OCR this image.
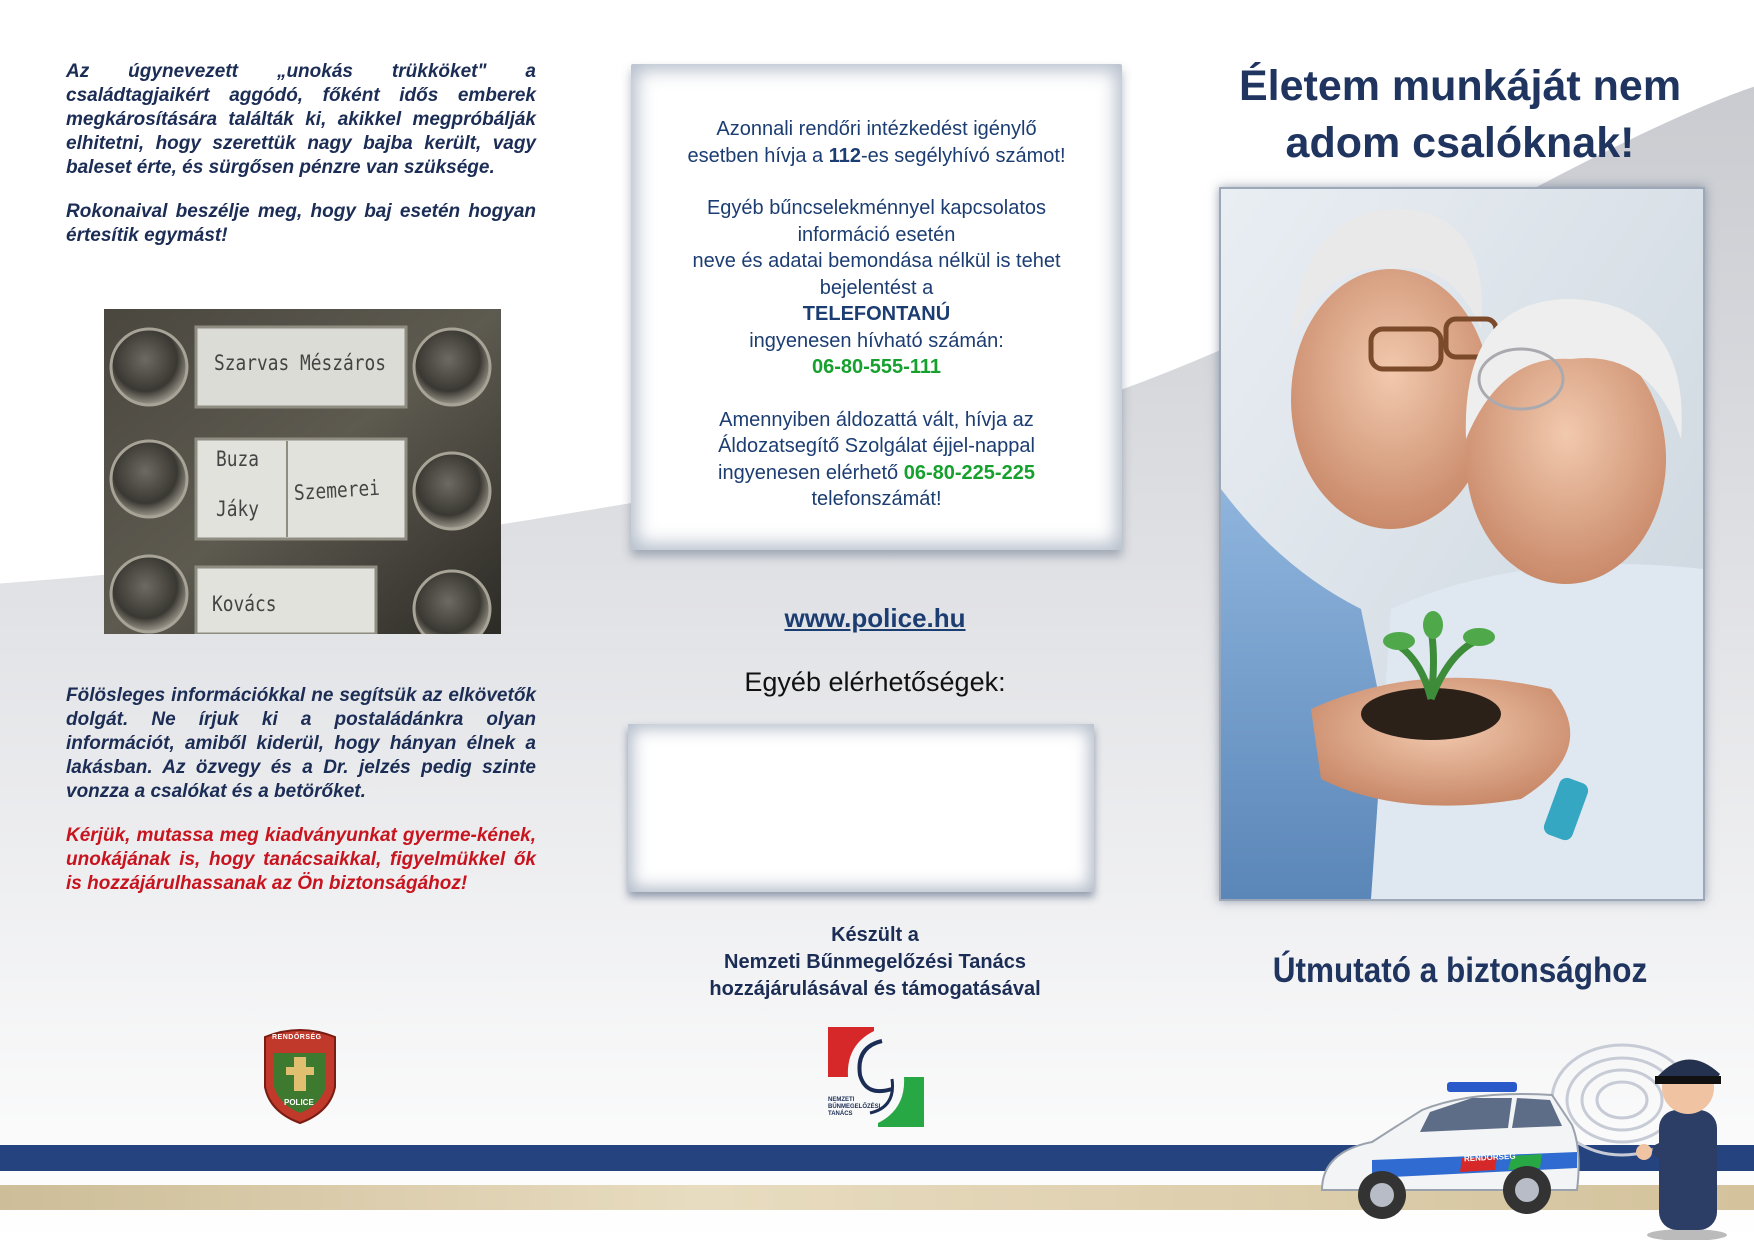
Az úgynevezett „unokás trükköket" a családtagjaikért aggódó, főként idős emberek megkárosítására találták ki, akikkel megpróbálják elhitetni, hogy szerettük nagy bajba került, vagy baleset érte, és sürgősen pénzre van szüksége.

Rokonaival beszélje meg, hogy baj esetén hogyan értesítik egymást!

Szarvas Mészáros
Buza
Jáky
Szemerei
Kovács

Fölösleges információkkal ne segítsük az elkövetők dolgát. Ne írjuk ki a postaládánkra olyan információt, amiből kiderül, hogy hányan élnek a lakásban. Az özvegy és a Dr. jelzés pedig szinte vonzza a csalókat és a betörőket.

Kérjük, mutassa meg kiadványunkat gyerme-kének, unokájának is, hogy tanácsaikkal, figyelmükkel ők is hozzájárulhassanak az Ön biztonságához!

RENDŐRSÉG
POLICE

Azonnali rendőri intézkedést igénylő
esetben hívja a 112-es segélyhívó számot!

Egyéb bűncselekménnyel kapcsolatos
információ esetén
neve és adatai bemondása nélkül is tehet
bejelentést a
TELEFONTANÚ
ingyenesen hívható számán:
06-80-555-111

Amennyiben áldozattá vált, hívja az
Áldozatsegítő Szolgálat éjjel-nappal
ingyenesen elérhető 06-80-225-225
telefonszámát!

www.police.hu
Egyéb elérhetőségek:
Készült a
Nemzeti Bűnmegelőzési Tanács
hozzájárulásával és támogatásával
NEMZETI
BŰNMEGELŐZÉSI
TANÁCS
Életem munkáját nem
adom csalóknak!
Útmutató a biztonsághoz
RENDŐRSÉG
